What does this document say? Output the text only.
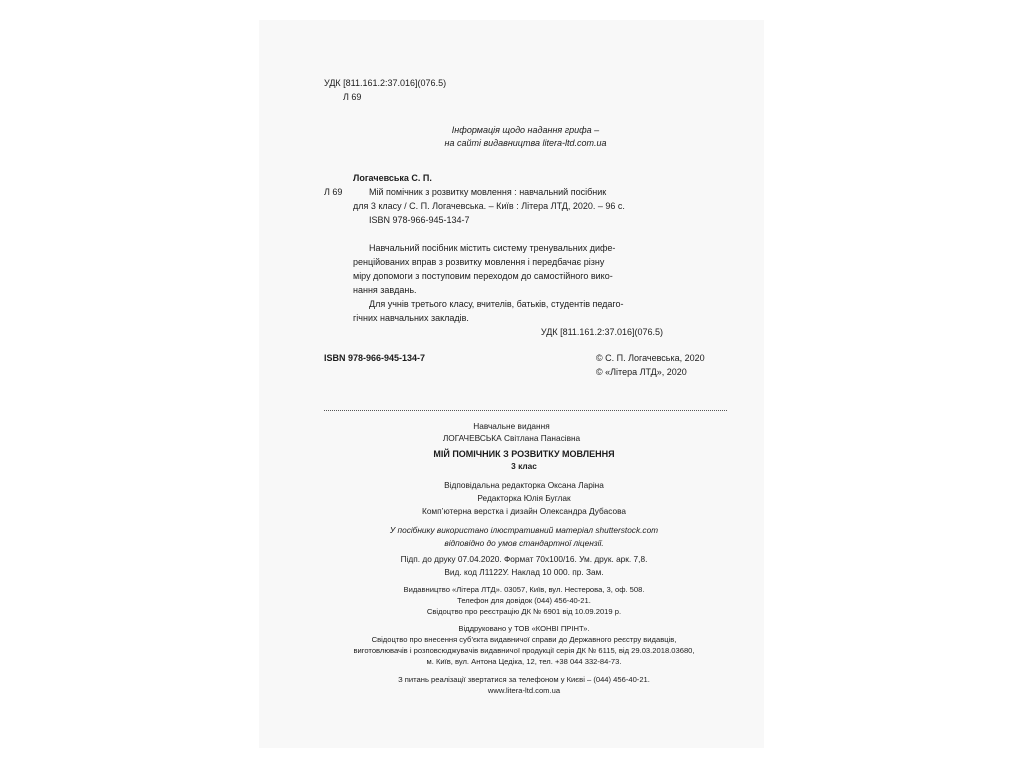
УДК [811.161.2:37.016](076.5)
Л 69
Інформація щодо надання грифа –
на сайті видавництва litera-ltd.com.ua
Логачевська С. П.
Л 69	Мій помічник з розвитку мовлення : навчальний посібник
для 3 класу / С. П. Логачевська. – Київ : Літера ЛТД, 2020. – 96 с.
ISBN 978-966-945-134-7
Навчальний посібник містить систему тренувальних дифе-
ренційованих вправ з розвитку мовлення і передбачає різну
міру допомоги з поступовим переходом до самостійного вико-
нання завдань.
Для учнів третього класу, вчителів, батьків, студентів педаго-
гічних навчальних закладів.
УДК [811.161.2:37.016](076.5)
ISBN 978-966-945-134-7	© С. П. Логачевська, 2020
© «Літера ЛТД», 2020
Навчальне видання
ЛОГАЧЕВСЬКА Світлана Панасівна
МІЙ ПОМІЧНИК З РОЗВИТКУ МОВЛЕННЯ
3 клас
Відповідальна редакторка Оксана Ларіна
Редакторка Юлія Буглак
Комп’ютерна верстка і дизайн Олександра Дубасова
У посібнику використано ілюстративний матеріал shutterstock.com
відповідно до умов стандартної ліцензії.
Підп. до друку 07.04.2020. Формат 70х100/16. Ум. друк. арк. 7,8.
Вид. код Л1122У. Наклад 10 000. пр. Зам.
Видавництво «Літера ЛТД». 03057, Київ, вул. Нестерова, 3, оф. 508.
Телефон для довідок (044) 456-40-21.
Свідоцтво про реєстрацію ДК № 6901 від 10.09.2019 р.
Віддруковано у ТОВ «КОНВІ ПРІНТ».
Свідоцтво про внесення суб’єкта видавничої справи до Державного реєстру видавців,
виготовлювачів і розповсюджувачів видавничої продукції серія ДК № 6115, від 29.03.2018.03680,
м. Київ, вул. Антона Цедіка, 12, тел. +38 044 332-84-73.
З питань реалізації звертатися за телефоном у Києві – (044) 456-40-21.
www.litera-ltd.com.ua
